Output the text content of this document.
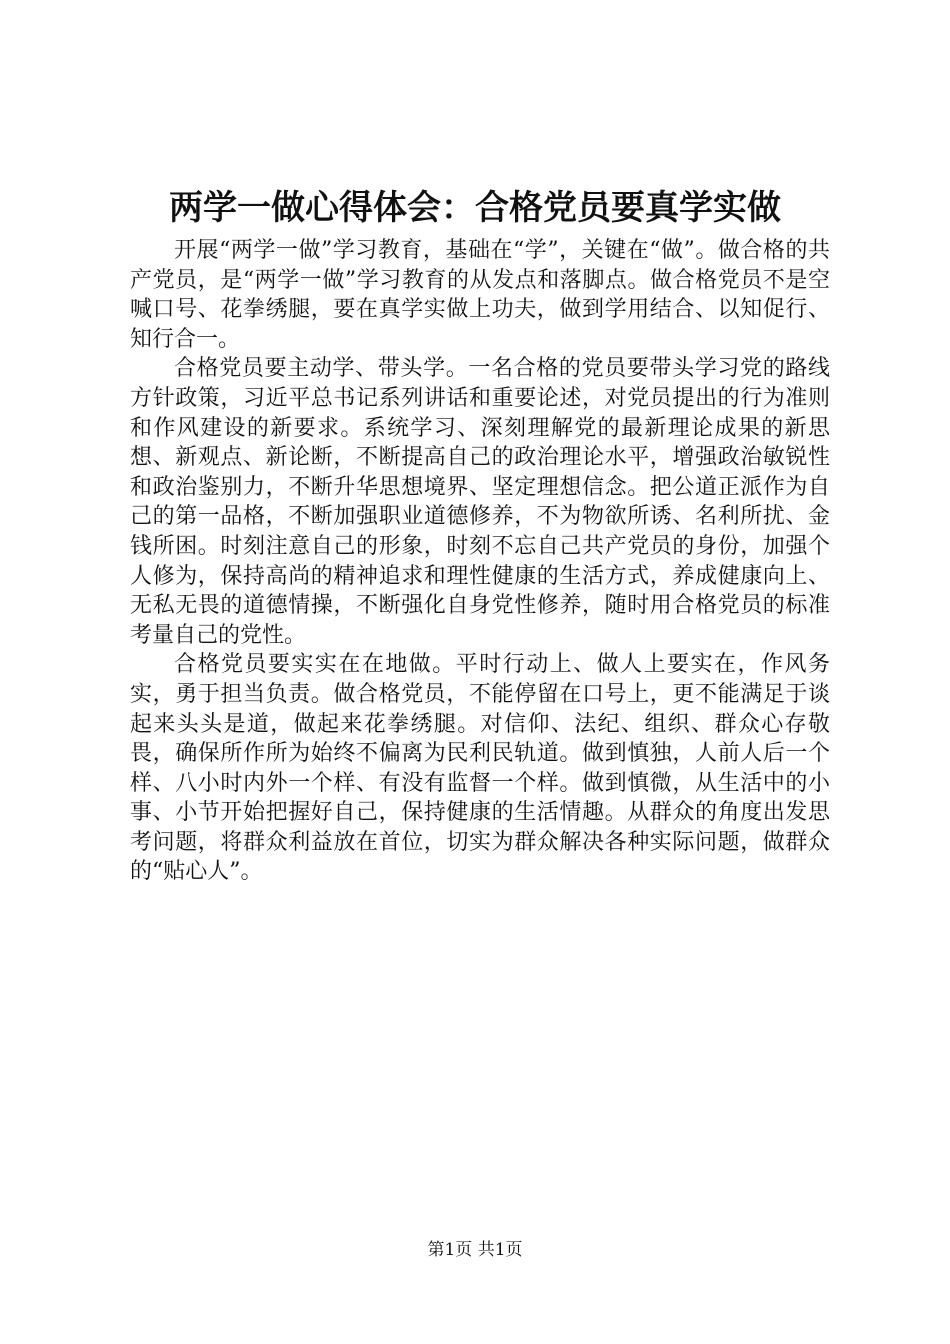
两学一做心得体会：合格党员要真学实做

开展“两学一做”学习教育，基础在“学”，关键在“做”。做合格的共产党员，是“两学一做”学习教育的从发点和落脚点。做合格党员不是空喊口号、花拳绣腿，要在真学实做上功夫，做到学用结合、以知促行、知行合一。

合格党员要主动学、带头学。一名合格的党员要带头学习党的路线方针政策，习近平总书记系列讲话和重要论述，对党员提出的行为准则和作风建设的新要求。系统学习、深刻理解党的最新理论成果的新思想、新观点、新论断，不断提高自己的政治理论水平，增强政治敏锐性和政治鉴别力，不断升华思想境界、坚定理想信念。把公道正派作为自己的第一品格，不断加强职业道德修养，不为物欲所诱、名利所扰、金钱所困。时刻注意自己的形象，时刻不忘自己共产党员的身份，加强个人修为，保持高尚的精神追求和理性健康的生活方式，养成健康向上、无私无畏的道德情操，不断强化自身党性修养，随时用合格党员的标准考量自己的党性。

合格党员要实实在在地做。平时行动上、做人上要实在，作风务实，勇于担当负责。做合格党员，不能停留在口号上，更不能满足于谈起来头头是道，做起来花拳绣腿。对信仰、法纪、组织、群众心存敬畏，确保所作所为始终不偏离为民利民轨道。做到慎独，人前人后一个样、八小时内外一个样、有没有监督一个样。做到慎微，从生活中的小事、小节开始把握好自己，保持健康的生活情趣。从群众的角度出发思考问题，将群众利益放在首位，切实为群众解决各种实际问题，做群众的“贴心人”。

第1页 共1页
